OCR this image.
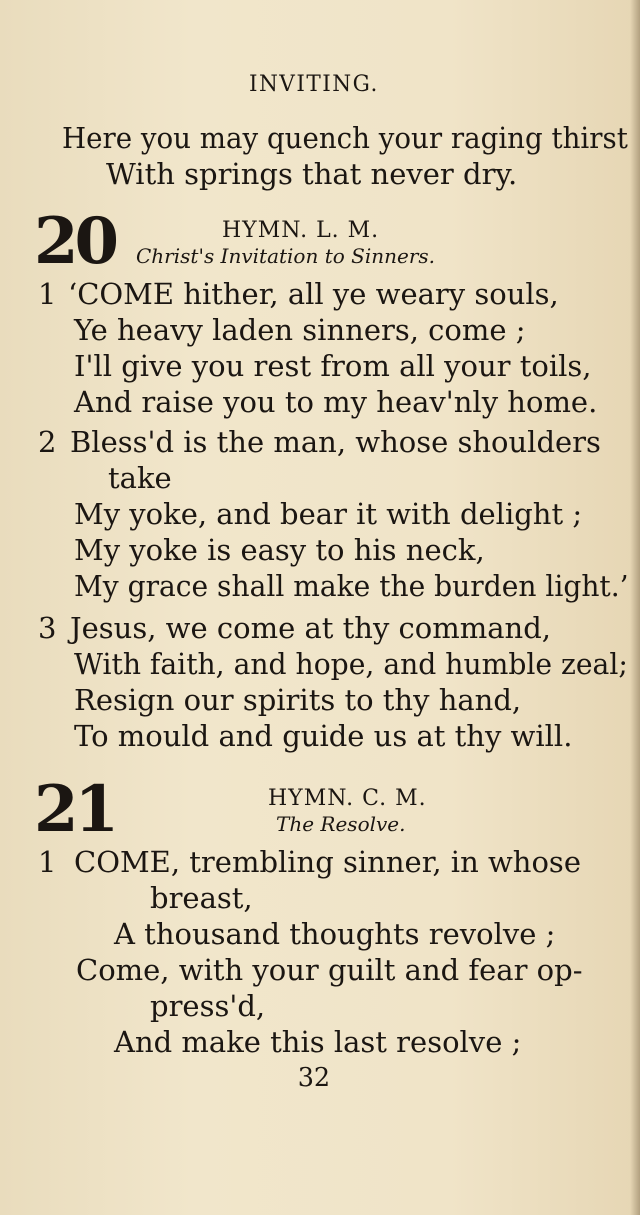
INVITING.
Here you may quench your raging thirst
With springs that never dry.
20	HYMN. L. M.
Christ's Invitation to Sinners.
1 ‘COME hither, all ye weary souls,
Ye heavy laden sinners, come ;
I'll give you rest from all your toils,
And raise you to my heav'nly home.
2 Bless'd is the man, whose shoulders
take
My yoke, and bear it with delight ;
My yoke is easy to his neck,
My grace shall make the burden light.’
3 Jesus, we come at thy command,
With faith, and hope, and humble zeal;
Resign our spirits to thy hand,
To mould and guide us at thy will.
21	HYMN. C. M.
The Resolve.
1 COME, trembling sinner, in whose
breast,
A thousand thoughts revolve ;
Come, with your guilt and fear op-
press'd,
And make this last resolve ;
32
